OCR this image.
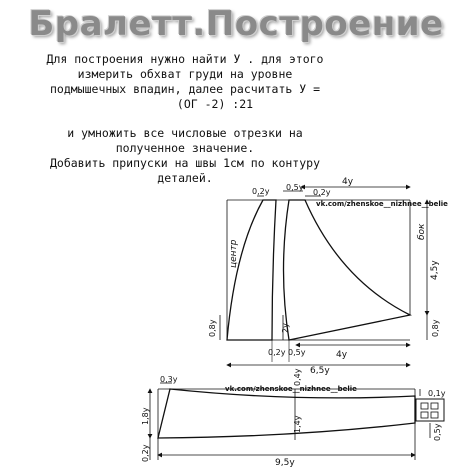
Бралетт.Построение
Для построения нужно найти У . для этого
измерить обхват груди на уровне
подмышечных впадин, далее расчитать У =
(ОГ -2) :21
и умножить все числовые отрезки на
полученное значение.
Добавить припуски на швы 1см по контуру
деталей.	4y
0,2y 0,5y
0,2y
vk.com/zhenskoe__nizhnee__belie
4y
6,5y
0,2y 0,5y
0,8y	0,8y
4,5y
2y
центр
бок
0,3y
vk.com/zhenskoe__nizhnee__belie
0,4y
0,1y
1,8y	1,4y	0,5y
0,2y
9,5y
